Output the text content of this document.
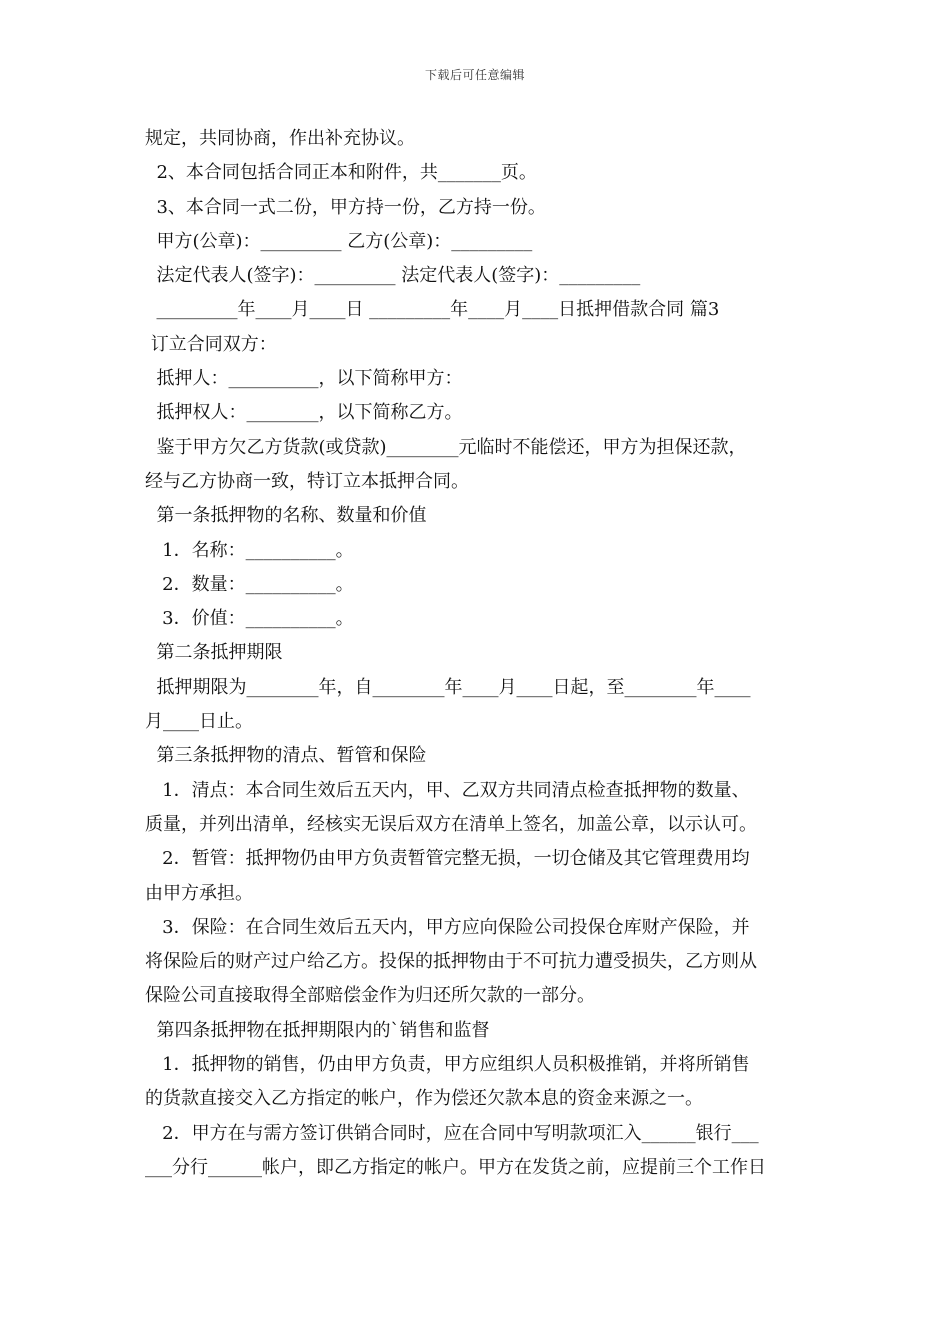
下载后可任意编辑
规定，共同协商，作出补充协议。
2、本合同包括合同正本和附件，共_______页。
3、本合同一式二份，甲方持一份，乙方持一份。
甲方(公章)：_________ 乙方(公章)：_________
法定代表人(签字)：_________ 法定代表人(签字)：_________
_________年____月____日 _________年____月____日抵押借款合同 篇3
订立合同双方：
抵押人：__________，以下简称甲方：
抵押权人：________，以下简称乙方。
鉴于甲方欠乙方货款(或贷款)________元临时不能偿还，甲方为担保还款，
经与乙方协商一致，特订立本抵押合同。
第一条抵押物的名称、数量和价值
1．名称：__________。
2．数量：__________。
3．价值：__________。
第二条抵押期限
抵押期限为________年，自________年____月____日起，至________年____
月____日止。
第三条抵押物的清点、暂管和保险
1．清点：本合同生效后五天内，甲、乙双方共同清点检查抵押物的数量、
质量，并列出清单，经核实无误后双方在清单上签名，加盖公章，以示认可。
2．暂管：抵押物仍由甲方负责暂管完整无损，一切仓储及其它管理费用均
由甲方承担。
3．保险：在合同生效后五天内，甲方应向保险公司投保仓库财产保险，并
将保险后的财产过户给乙方。投保的抵押物由于不可抗力遭受损失，乙方则从
保险公司直接取得全部赔偿金作为归还所欠款的一部分。
第四条抵押物在抵押期限内的`销售和监督
1．抵押物的销售，仍由甲方负责，甲方应组织人员积极推销，并将所销售
的货款直接交入乙方指定的帐户，作为偿还欠款本息的资金来源之一。
2．甲方在与需方签订供销合同时，应在合同中写明款项汇入______银行___
___分行______帐户，即乙方指定的帐户。甲方在发货之前，应提前三个工作日
